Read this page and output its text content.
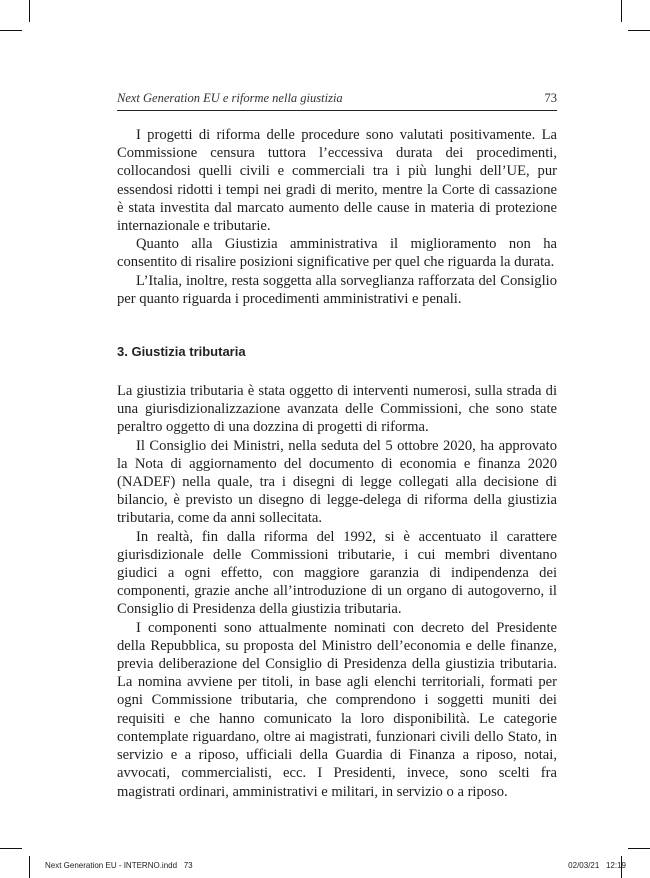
Next Generation EU e riforme nella giustizia	73

I progetti di riforma delle procedure sono valutati positivamente. La Commissione censura tuttora l’eccessiva durata dei procedimenti, collocandosi quelli civili e commerciali tra i più lunghi dell’UE, pur essendosi ridotti i tempi nei gradi di merito, mentre la Corte di cassazione è stata investita dal marcato aumento delle cause in materia di protezione internazionale e tributarie.

Quanto alla Giustizia amministrativa il miglioramento non ha consentito di risalire posizioni significative per quel che riguarda la durata.

L’Italia, inoltre, resta soggetta alla sorveglianza rafforzata del Consiglio per quanto riguarda i procedimenti amministrativi e penali.

3. Giustizia tributaria

La giustizia tributaria è stata oggetto di interventi numerosi, sulla strada di una giurisdizionalizzazione avanzata delle Commissioni, che sono state peraltro oggetto di una dozzina di progetti di riforma.

Il Consiglio dei Ministri, nella seduta del 5 ottobre 2020, ha approvato la Nota di aggiornamento del documento di economia e finanza 2020 (NADEF) nella quale, tra i disegni di legge collegati alla decisione di bilancio, è previsto un disegno di legge-delega di riforma della giustizia tributaria, come da anni sollecitata.

In realtà, fin dalla riforma del 1992, si è accentuato il carattere giurisdizionale delle Commissioni tributarie, i cui membri diventano giudici a ogni effetto, con maggiore garanzia di indipendenza dei componenti, grazie anche all’introduzione di un organo di autogoverno, il Consiglio di Presidenza della giustizia tributaria.

I componenti sono attualmente nominati con decreto del Presidente della Repubblica, su proposta del Ministro dell’economia e delle finanze, previa deliberazione del Consiglio di Presidenza della giustizia tributaria. La nomina avviene per titoli, in base agli elenchi territoriali, formati per ogni Commissione tributaria, che comprendono i soggetti muniti dei requisiti e che hanno comunicato la loro disponibilità. Le categorie contemplate riguardano, oltre ai magistrati, funzionari civili dello Stato, in servizio e a riposo, ufficiali della Guardia di Finanza a riposo, notai, avvocati, commercialisti, ecc. I Presidenti, invece, sono scelti fra magistrati ordinari, amministrativi e militari, in servizio o a riposo.

Next Generation EU - INTERNO.indd   73	02/03/21   12:19
